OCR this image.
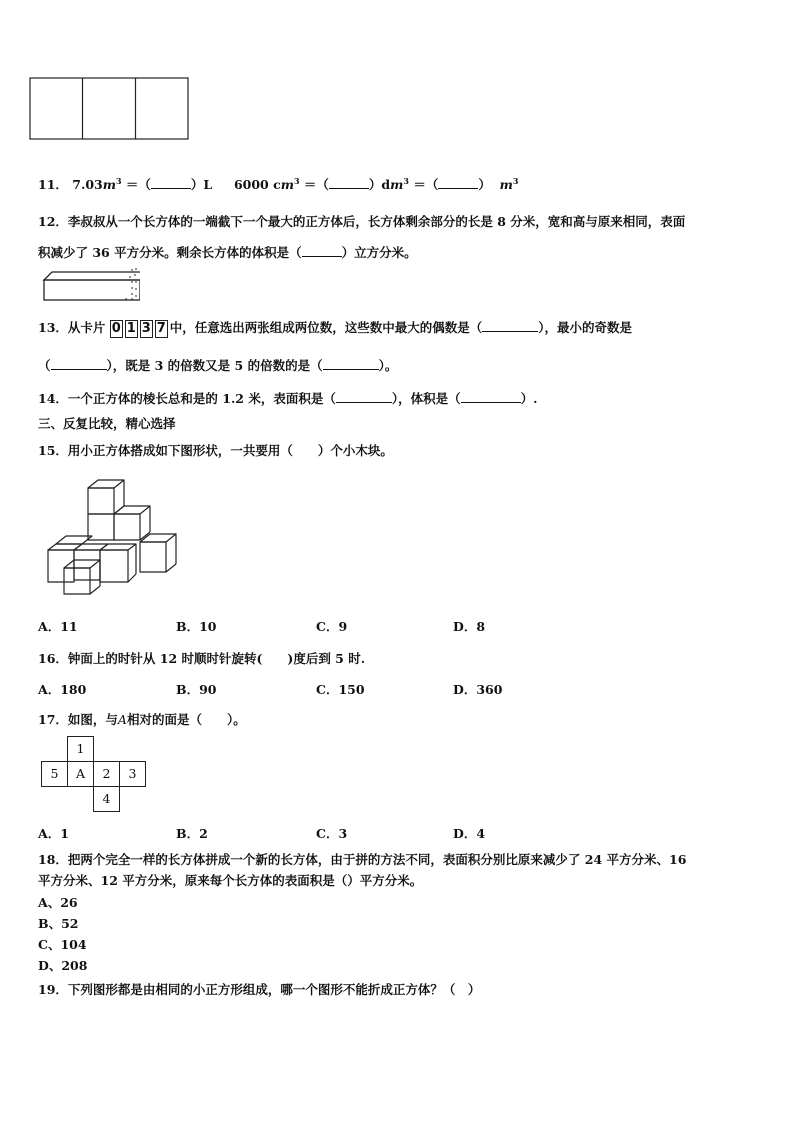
11． $7.03m^3$ ＝（	）L 6000 $cm^3$ ＝（	）$dm^3$ ＝（	） $m^3$
12．李叔叔从一个长方体的一端截下一个最大的正方体后，长方体剩余部分的长是 8 分米，宽和高与原来相同，表面
积减少了 36 平方分米。剩余长方体的体积是（	）立方分米。
13．从卡片 0 1 3 7 中，任意选出两张组成两位数，这些数中最大的偶数是（	），最小的奇数是
（	），既是 3 的倍数又是 5 的倍数的是（	）。
14．一个正方体的棱长总和是的 1.2 米，表面积是（	），体积是（	）.
三、反复比较，精心选择
15．用小正方体搭成如下图形状，一共要用（　　）个小木块。
A．11	B．10	C．9	D．8
16．钟面上的时针从 12 时顺时针旋转(　　)度后到 5 时.
A．180	B．90	C．150	D．360
17．如图，与A相对的面是（　　）。
1
5	A	2	3
4
A．1	B．2	C．3	D．4
18．把两个完全一样的长方体拼成一个新的长方体，由于拼的方法不同，表面积分别比原来减少了 24 平方分米、16
平方分米、12 平方分米，原来每个长方体的表面积是（）平方分米。
A、26
B、52
C、104
D、208
19．下列图形都是由相同的小正方形组成，哪一个图形不能折成正方体？（　）
